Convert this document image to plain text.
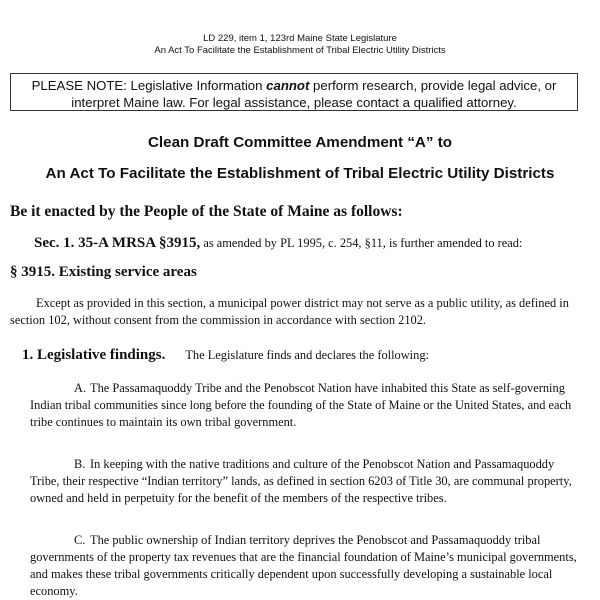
LD 229, item 1, 123rd Maine State Legislature
An Act To Facilitate the Establishment of Tribal Electric Utility Districts
PLEASE NOTE: Legislative Information cannot perform research, provide legal advice, or interpret Maine law. For legal assistance, please contact a qualified attorney.
Clean Draft Committee Amendment “A” to
An Act To Facilitate the Establishment of Tribal Electric Utility Districts
Be it enacted by the People of the State of Maine as follows:
Sec. 1. 35-A MRSA §3915, as amended by PL 1995, c. 254, §11, is further amended to read:
§ 3915. Existing service areas
Except as provided in this section, a municipal power district may not serve as a public utility, as defined in section 102, without consent from the commission in accordance with section 2102.
1. Legislative findings. The Legislature finds and declares the following:
A. The Passamaquoddy Tribe and the Penobscot Nation have inhabited this State as self-governing Indian tribal communities since long before the founding of the State of Maine or the United States, and each tribe continues to maintain its own tribal government.
B. In keeping with the native traditions and culture of the Penobscot Nation and Passamaquoddy Tribe, their respective “Indian territory” lands, as defined in section 6203 of Title 30, are communal property, owned and held in perpetuity for the benefit of the members of the respective tribes.
C. The public ownership of Indian territory deprives the Penobscot and Passamaquoddy tribal governments of the property tax revenues that are the financial foundation of Maine’s municipal governments, and makes these tribal governments critically dependent upon successfully developing a sustainable local economy.
